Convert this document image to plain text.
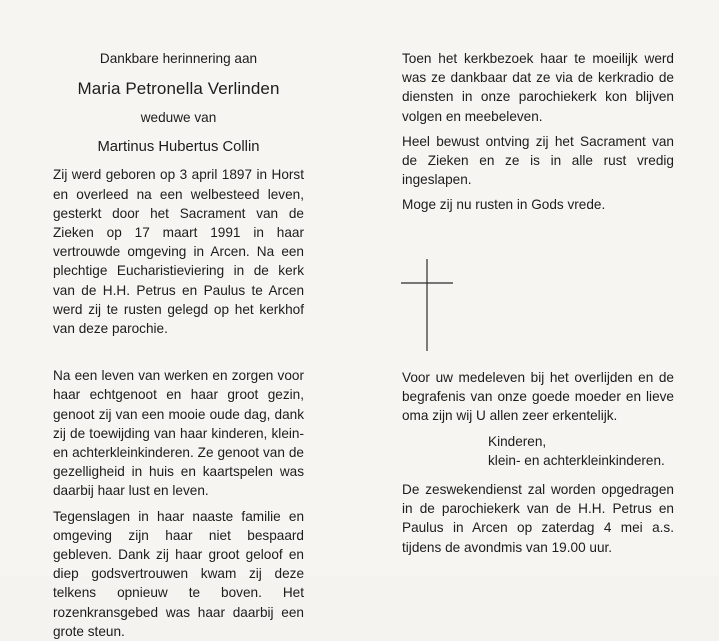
Dankbare herinnering aan
Maria Petronella Verlinden
weduwe van
Martinus Hubertus Collin

Zij werd geboren op 3 april 1897 in Horst en overleed na een welbesteed leven, gesterkt door het Sacrament van de Zieken op 17 maart 1991 in haar vertrouwde omgeving in Arcen. Na een plechtige Eucharistieviering in de kerk van de H.H. Petrus en Paulus te Arcen werd zij te rusten gelegd op het kerkhof van deze parochie.

Na een leven van werken en zorgen voor haar echtgenoot en haar groot gezin, genoot zij van een mooie oude dag, dank zij de toewijding van haar kinderen, klein- en achterkleinkinderen. Ze genoot van de gezelligheid in huis en kaartspelen was daarbij haar lust en leven.

Tegenslagen in haar naaste familie en omgeving zijn haar niet bespaard gebleven. Dank zij haar groot geloof en diep godsvertrouwen kwam zij deze telkens opnieuw te boven. Het rozenkransgebed was haar daarbij een grote steun.

Toen het kerkbezoek haar te moeilijk werd was ze dankbaar dat ze via de kerkradio de diensten in onze parochiekerk kon blijven volgen en meebeleven.

Heel bewust ontving zij het Sacrament van de Zieken en ze is in alle rust vredig ingeslapen.

Moge zij nu rusten in Gods vrede.

Voor uw medeleven bij het overlijden en de begrafenis van onze goede moeder en lieve oma zijn wij U allen zeer erkentelijk.

Kinderen,
klein- en achterkleinkinderen.

De zeswekendienst zal worden opgedragen in de parochiekerk van de H.H. Petrus en Paulus in Arcen op zaterdag 4 mei a.s. tijdens de avondmis van 19.00 uur.
